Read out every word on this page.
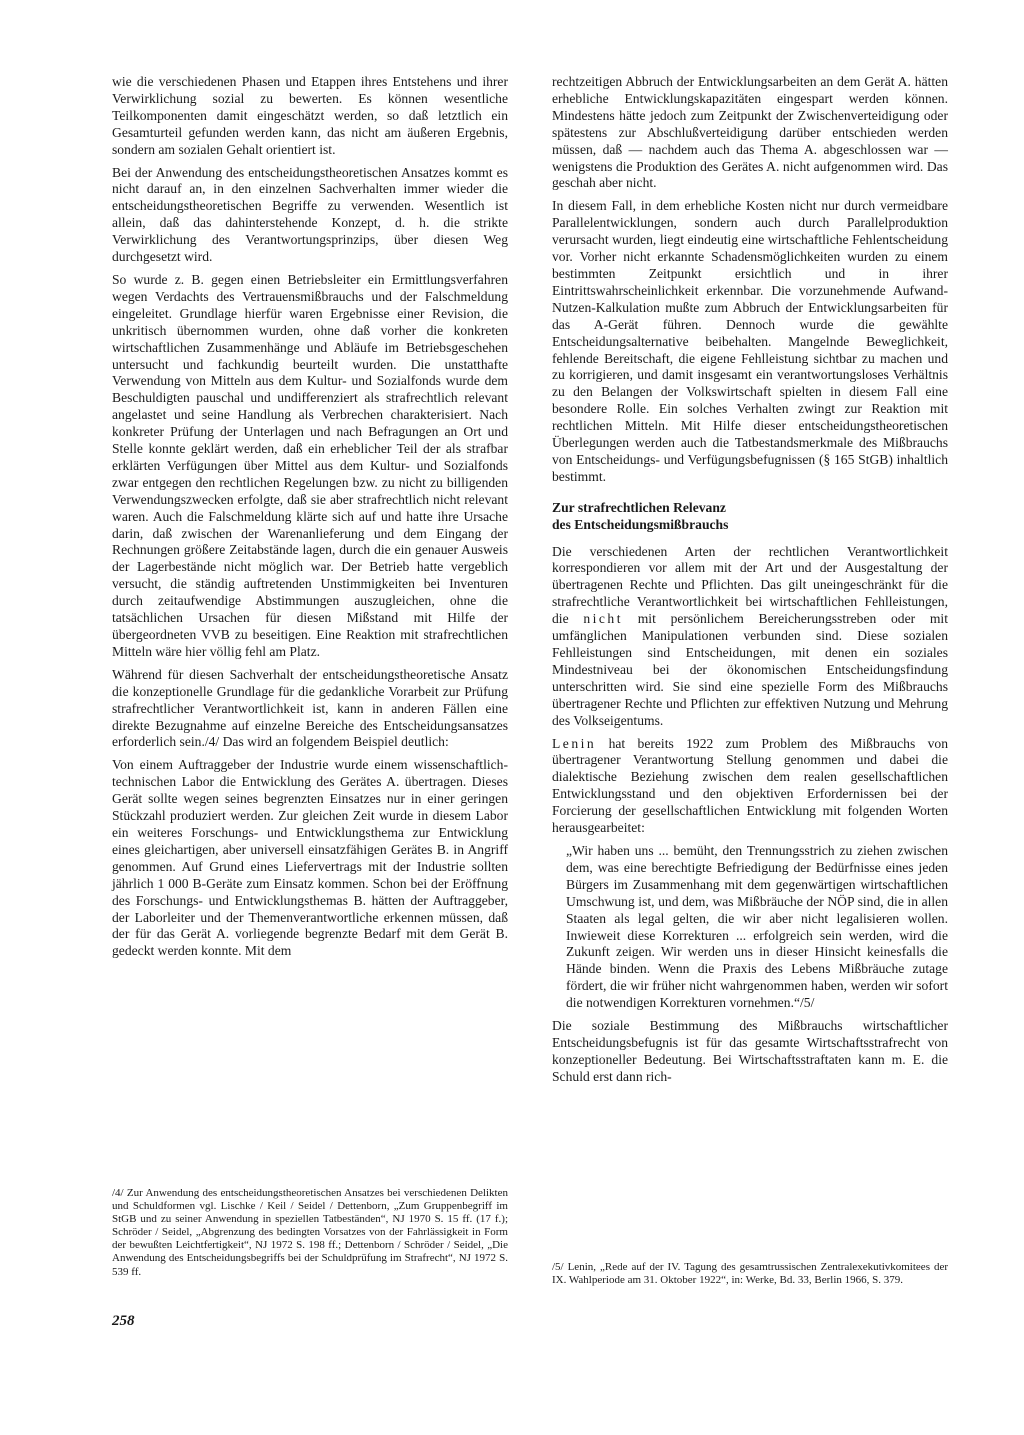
wie die verschiedenen Phasen und Etappen ihres Entstehens und ihrer Verwirklichung sozial zu bewerten. Es können wesentliche Teilkomponenten damit eingeschätzt werden, so daß letztlich ein Gesamturteil gefunden werden kann, das nicht am äußeren Ergebnis, sondern am sozialen Gehalt orientiert ist.

Bei der Anwendung des entscheidungstheoretischen Ansatzes kommt es nicht darauf an, in den einzelnen Sachverhalten immer wieder die entscheidungstheoretischen Begriffe zu verwenden. Wesentlich ist allein, daß das dahinterstehende Konzept, d. h. die strikte Verwirklichung des Verantwortungsprinzips, über diesen Weg durchgesetzt wird.

So wurde z. B. gegen einen Betriebsleiter ein Ermittlungsverfahren wegen Verdachts des Vertrauensmißbrauchs und der Falschmeldung eingeleitet. Grundlage hierfür waren Ergebnisse einer Revision, die unkritisch übernommen wurden, ohne daß vorher die konkreten wirtschaftlichen Zusammenhänge und Abläufe im Betriebsgeschehen untersucht und fachkundig beurteilt wurden. Die unstatthafte Verwendung von Mitteln aus dem Kultur- und Sozialfonds wurde dem Beschuldigten pauschal und undifferenziert als strafrechtlich relevant angelastet und seine Handlung als Verbrechen charakterisiert. Nach konkreter Prüfung der Unterlagen und nach Befragungen an Ort und Stelle konnte geklärt werden, daß ein erheblicher Teil der als strafbar erklärten Verfügungen über Mittel aus dem Kultur- und Sozialfonds zwar entgegen den rechtlichen Regelungen bzw. zu nicht zu billigenden Verwendungszwecken erfolgte, daß sie aber strafrechtlich nicht relevant waren. Auch die Falschmeldung klärte sich auf und hatte ihre Ursache darin, daß zwischen der Warenanlieferung und dem Eingang der Rechnungen größere Zeitabstände lagen, durch die ein genauer Ausweis der Lagerbestände nicht möglich war. Der Betrieb hatte vergeblich versucht, die ständig auftretenden Unstimmigkeiten bei Inventuren durch zeitaufwendige Abstimmungen auszugleichen, ohne die tatsächlichen Ursachen für diesen Mißstand mit Hilfe der übergeordneten VVB zu beseitigen. Eine Reaktion mit strafrechtlichen Mitteln wäre hier völlig fehl am Platz.

Während für diesen Sachverhalt der entscheidungstheoretische Ansatz die konzeptionelle Grundlage für die gedankliche Vorarbeit zur Prüfung strafrechtlicher Verantwortlichkeit ist, kann in anderen Fällen eine direkte Bezugnahme auf einzelne Bereiche des Entscheidungsansatzes erforderlich sein./4/ Das wird an folgendem Beispiel deutlich:

Von einem Auftraggeber der Industrie wurde einem wissenschaftlich-technischen Labor die Entwicklung des Gerätes A. übertragen. Dieses Gerät sollte wegen seines begrenzten Einsatzes nur in einer geringen Stückzahl produziert werden. Zur gleichen Zeit wurde in diesem Labor ein weiteres Forschungs- und Entwicklungsthema zur Entwicklung eines gleichartigen, aber universell einsatzfähigen Gerätes B. in Angriff genommen. Auf Grund eines Liefervertrags mit der Industrie sollten jährlich 1 000 B-Geräte zum Einsatz kommen. Schon bei der Eröffnung des Forschungs- und Entwicklungsthemas B. hätten der Auftraggeber, der Laborleiter und der Themenverantwortliche erkennen müssen, daß der für das Gerät A. vorliegende begrenzte Bedarf mit dem Gerät B. gedeckt werden konnte. Mit dem

/4/ Zur Anwendung des entscheidungstheoretischen Ansatzes bei verschiedenen Delikten und Schuldformen vgl. Lischke / Keil / Seidel / Dettenborn, „Zum Gruppenbegriff im StGB und zu seiner Anwendung in speziellen Tatbeständen“, NJ 1970 S. 15 ff. (17 f.); Schröder / Seidel, „Abgrenzung des bedingten Vorsatzes von der Fahrlässigkeit in Form der bewußten Leichtfertigkeit“, NJ 1972 S. 198 ff.; Dettenborn / Schröder / Seidel, „Die Anwendung des Entscheidungsbegriffs bei der Schuldprüfung im Strafrecht“, NJ 1972 S. 539 ff.

rechtzeitigen Abbruch der Entwicklungsarbeiten an dem Gerät A. hätten erhebliche Entwicklungskapazitäten eingespart werden können. Mindestens hätte jedoch zum Zeitpunkt der Zwischenverteidigung oder spätestens zur Abschlußverteidigung darüber entschieden werden müssen, daß — nachdem auch das Thema A. abgeschlossen war — wenigstens die Produktion des Gerätes A. nicht aufgenommen wird. Das geschah aber nicht.

In diesem Fall, in dem erhebliche Kosten nicht nur durch vermeidbare Parallelentwicklungen, sondern auch durch Parallelproduktion verursacht wurden, liegt eindeutig eine wirtschaftliche Fehlentscheidung vor. Vorher nicht erkannte Schadensmöglichkeiten wurden zu einem bestimmten Zeitpunkt ersichtlich und in ihrer Eintrittswahrscheinlichkeit erkennbar. Die vorzunehmende Aufwand-Nutzen-Kalkulation mußte zum Abbruch der Entwicklungsarbeiten für das A-Gerät führen. Dennoch wurde die gewählte Entscheidungsalternative beibehalten. Mangelnde Beweglichkeit, fehlende Bereitschaft, die eigene Fehlleistung sichtbar zu machen und zu korrigieren, und damit insgesamt ein verantwortungsloses Verhältnis zu den Belangen der Volkswirtschaft spielten in diesem Fall eine besondere Rolle. Ein solches Verhalten zwingt zur Reaktion mit rechtlichen Mitteln. Mit Hilfe dieser entscheidungstheoretischen Überlegungen werden auch die Tatbestandsmerkmale des Mißbrauchs von Entscheidungs- und Verfügungsbefugnissen (§ 165 StGB) inhaltlich bestimmt.

Zur strafrechtlichen Relevanz
des Entscheidungsmißbrauchs

Die verschiedenen Arten der rechtlichen Verantwortlichkeit korrespondieren vor allem mit der Art und der Ausgestaltung der übertragenen Rechte und Pflichten. Das gilt uneingeschränkt für die strafrechtliche Verantwortlichkeit bei wirtschaftlichen Fehlleistungen, die nicht mit persönlichem Bereicherungsstreben oder mit umfänglichen Manipulationen verbunden sind. Diese sozialen Fehlleistungen sind Entscheidungen, mit denen ein soziales Mindestniveau bei der ökonomischen Entscheidungsfindung unterschritten wird. Sie sind eine spezielle Form des Mißbrauchs übertragener Rechte und Pflichten zur effektiven Nutzung und Mehrung des Volkseigentums.

Lenin hat bereits 1922 zum Problem des Mißbrauchs von übertragener Verantwortung Stellung genommen und dabei die dialektische Beziehung zwischen dem realen gesellschaftlichen Entwicklungsstand und den objektiven Erfordernissen bei der Forcierung der gesellschaftlichen Entwicklung mit folgenden Worten herausgearbeitet:

„Wir haben uns ... bemüht, den Trennungsstrich zu ziehen zwischen dem, was eine berechtigte Befriedigung der Bedürfnisse eines jeden Bürgers im Zusammenhang mit dem gegenwärtigen wirtschaftlichen Umschwung ist, und dem, was Mißbräuche der NÖP sind, die in allen Staaten als legal gelten, die wir aber nicht legalisieren wollen. Inwieweit diese Korrekturen ... erfolgreich sein werden, wird die Zukunft zeigen. Wir werden uns in dieser Hinsicht keinesfalls die Hände binden. Wenn die Praxis des Lebens Mißbräuche zutage fördert, die wir früher nicht wahrgenommen haben, werden wir sofort die notwendigen Korrekturen vornehmen.“/5/

Die soziale Bestimmung des Mißbrauchs wirtschaftlicher Entscheidungsbefugnis ist für das gesamte Wirtschaftsstrafrecht von konzeptioneller Bedeutung. Bei Wirtschaftsstraftaten kann m. E. die Schuld erst dann rich-

/5/ Lenin, „Rede auf der IV. Tagung des gesamtrussischen Zentralexekutivkomitees der IX. Wahlperiode am 31. Oktober 1922“, in: Werke, Bd. 33, Berlin 1966, S. 379.
258
